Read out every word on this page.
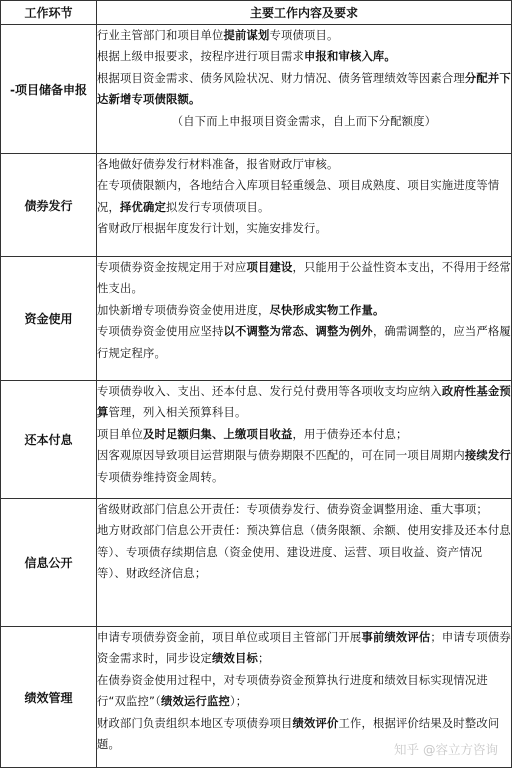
工作环节	主要工作内容及要求
-项目储备申报	行业主管部门和项目单位提前谋划专项债项目。

根据上级申报要求，按程序进行项目需求申报和审核入库。

根据项目资金需求、债务风险状况、财力情况、债务管理绩效等因素合理分配并下达新增专项债限额。

（自下而上申报项目资金需求，自上而下分配额度）

债券发行	各地做好债券发行材料准备，报省财政厅审核。

在专项债限额内，各地结合入库项目轻重缓急、项目成熟度、项目实施进度等情况，择优确定拟发行专项债项目。

省财政厅根据年度发行计划，实施安排发行。

资金使用	专项债券资金按规定用于对应项目建设，只能用于公益性资本支出，不得用于经常性支出。

加快新增专项债券资金使用进度，尽快形成实物工作量。

专项债券资金使用应坚持以不调整为常态、调整为例外，确需调整的，应当严格履行规定程序。

还本付息	专项债券收入、支出、还本付息、发行兑付费用等各项收支均应纳入政府性基金预算管理，列入相关预算科目。

项目单位及时足额归集、上缴项目收益，用于债券还本付息；

因客观原因导致项目运营期限与债券期限不匹配的，可在同一项目周期内接续发行专项债券维持资金周转。

信息公开	省级财政部门信息公开责任：专项债券发行、债券资金调整用途、重大事项；

地方财政部门信息公开责任：预决算信息（债务限额、余额、使用安排及还本付息等）、专项债存续期信息（资金使用、建设进度、运营、项目收益、资产情况等）、财政经济信息；

绩效管理	申请专项债券资金前，项目单位或项目主管部门开展事前绩效评估；申请专项债券资金需求时，同步设定绩效目标；

在债券资金使用过程中，对专项债券资金预算执行进度和绩效目标实现情况进行“双监控”（绩效运行监控）；

财政部门负责组织本地区专项债券项目绩效评价工作，根据评价结果及时整改问题。	知乎 @容立方咨询
